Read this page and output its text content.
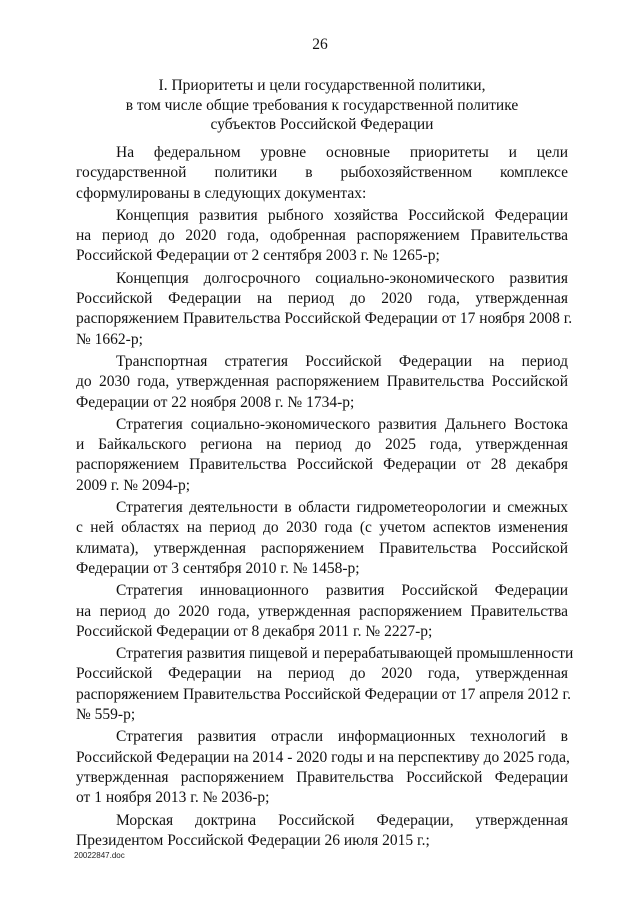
26
I. Приоритеты и цели государственной политики,
в том числе общие требования к государственной политике
субъектов Российской Федерации
На федеральном уровне основные приоритеты и цели
государственной политики в рыбохозяйственном комплексе
сформулированы в следующих документах:
Концепция развития рыбного хозяйства Российской Федерации
на период до 2020 года, одобренная распоряжением Правительства
Российской Федерации от 2 сентября 2003 г. № 1265-р;
Концепция долгосрочного социально-экономического развития
Российской Федерации на период до 2020 года, утвержденная
распоряжением Правительства Российской Федерации от 17 ноября 2008 г.
№ 1662-р;
Транспортная стратегия Российской Федерации на период
до 2030 года, утвержденная распоряжением Правительства Российской
Федерации от 22 ноября 2008 г. № 1734-р;
Стратегия социально-экономического развития Дальнего Востока
и Байкальского региона на период до 2025 года, утвержденная
распоряжением Правительства Российской Федерации от 28 декабря
2009 г. № 2094-р;
Стратегия деятельности в области гидрометеорологии и смежных
с ней областях на период до 2030 года (с учетом аспектов изменения
климата), утвержденная распоряжением Правительства Российской
Федерации от 3 сентября 2010 г. № 1458-р;
Стратегия инновационного развития Российской Федерации
на период до 2020 года, утвержденная распоряжением Правительства
Российской Федерации от 8 декабря 2011 г. № 2227-р;
Стратегия развития пищевой и перерабатывающей промышленности
Российской Федерации на период до 2020 года, утвержденная
распоряжением Правительства Российской Федерации от 17 апреля 2012 г.
№ 559-р;
Стратегия развития отрасли информационных технологий в
Российской Федерации на 2014 - 2020 годы и на перспективу до 2025 года,
утвержденная распоряжением Правительства Российской Федерации
от 1 ноября 2013 г. № 2036-р;
Морская доктрина Российской Федерации, утвержденная
Президентом Российской Федерации 26 июля 2015 г.;
20022847.doc
